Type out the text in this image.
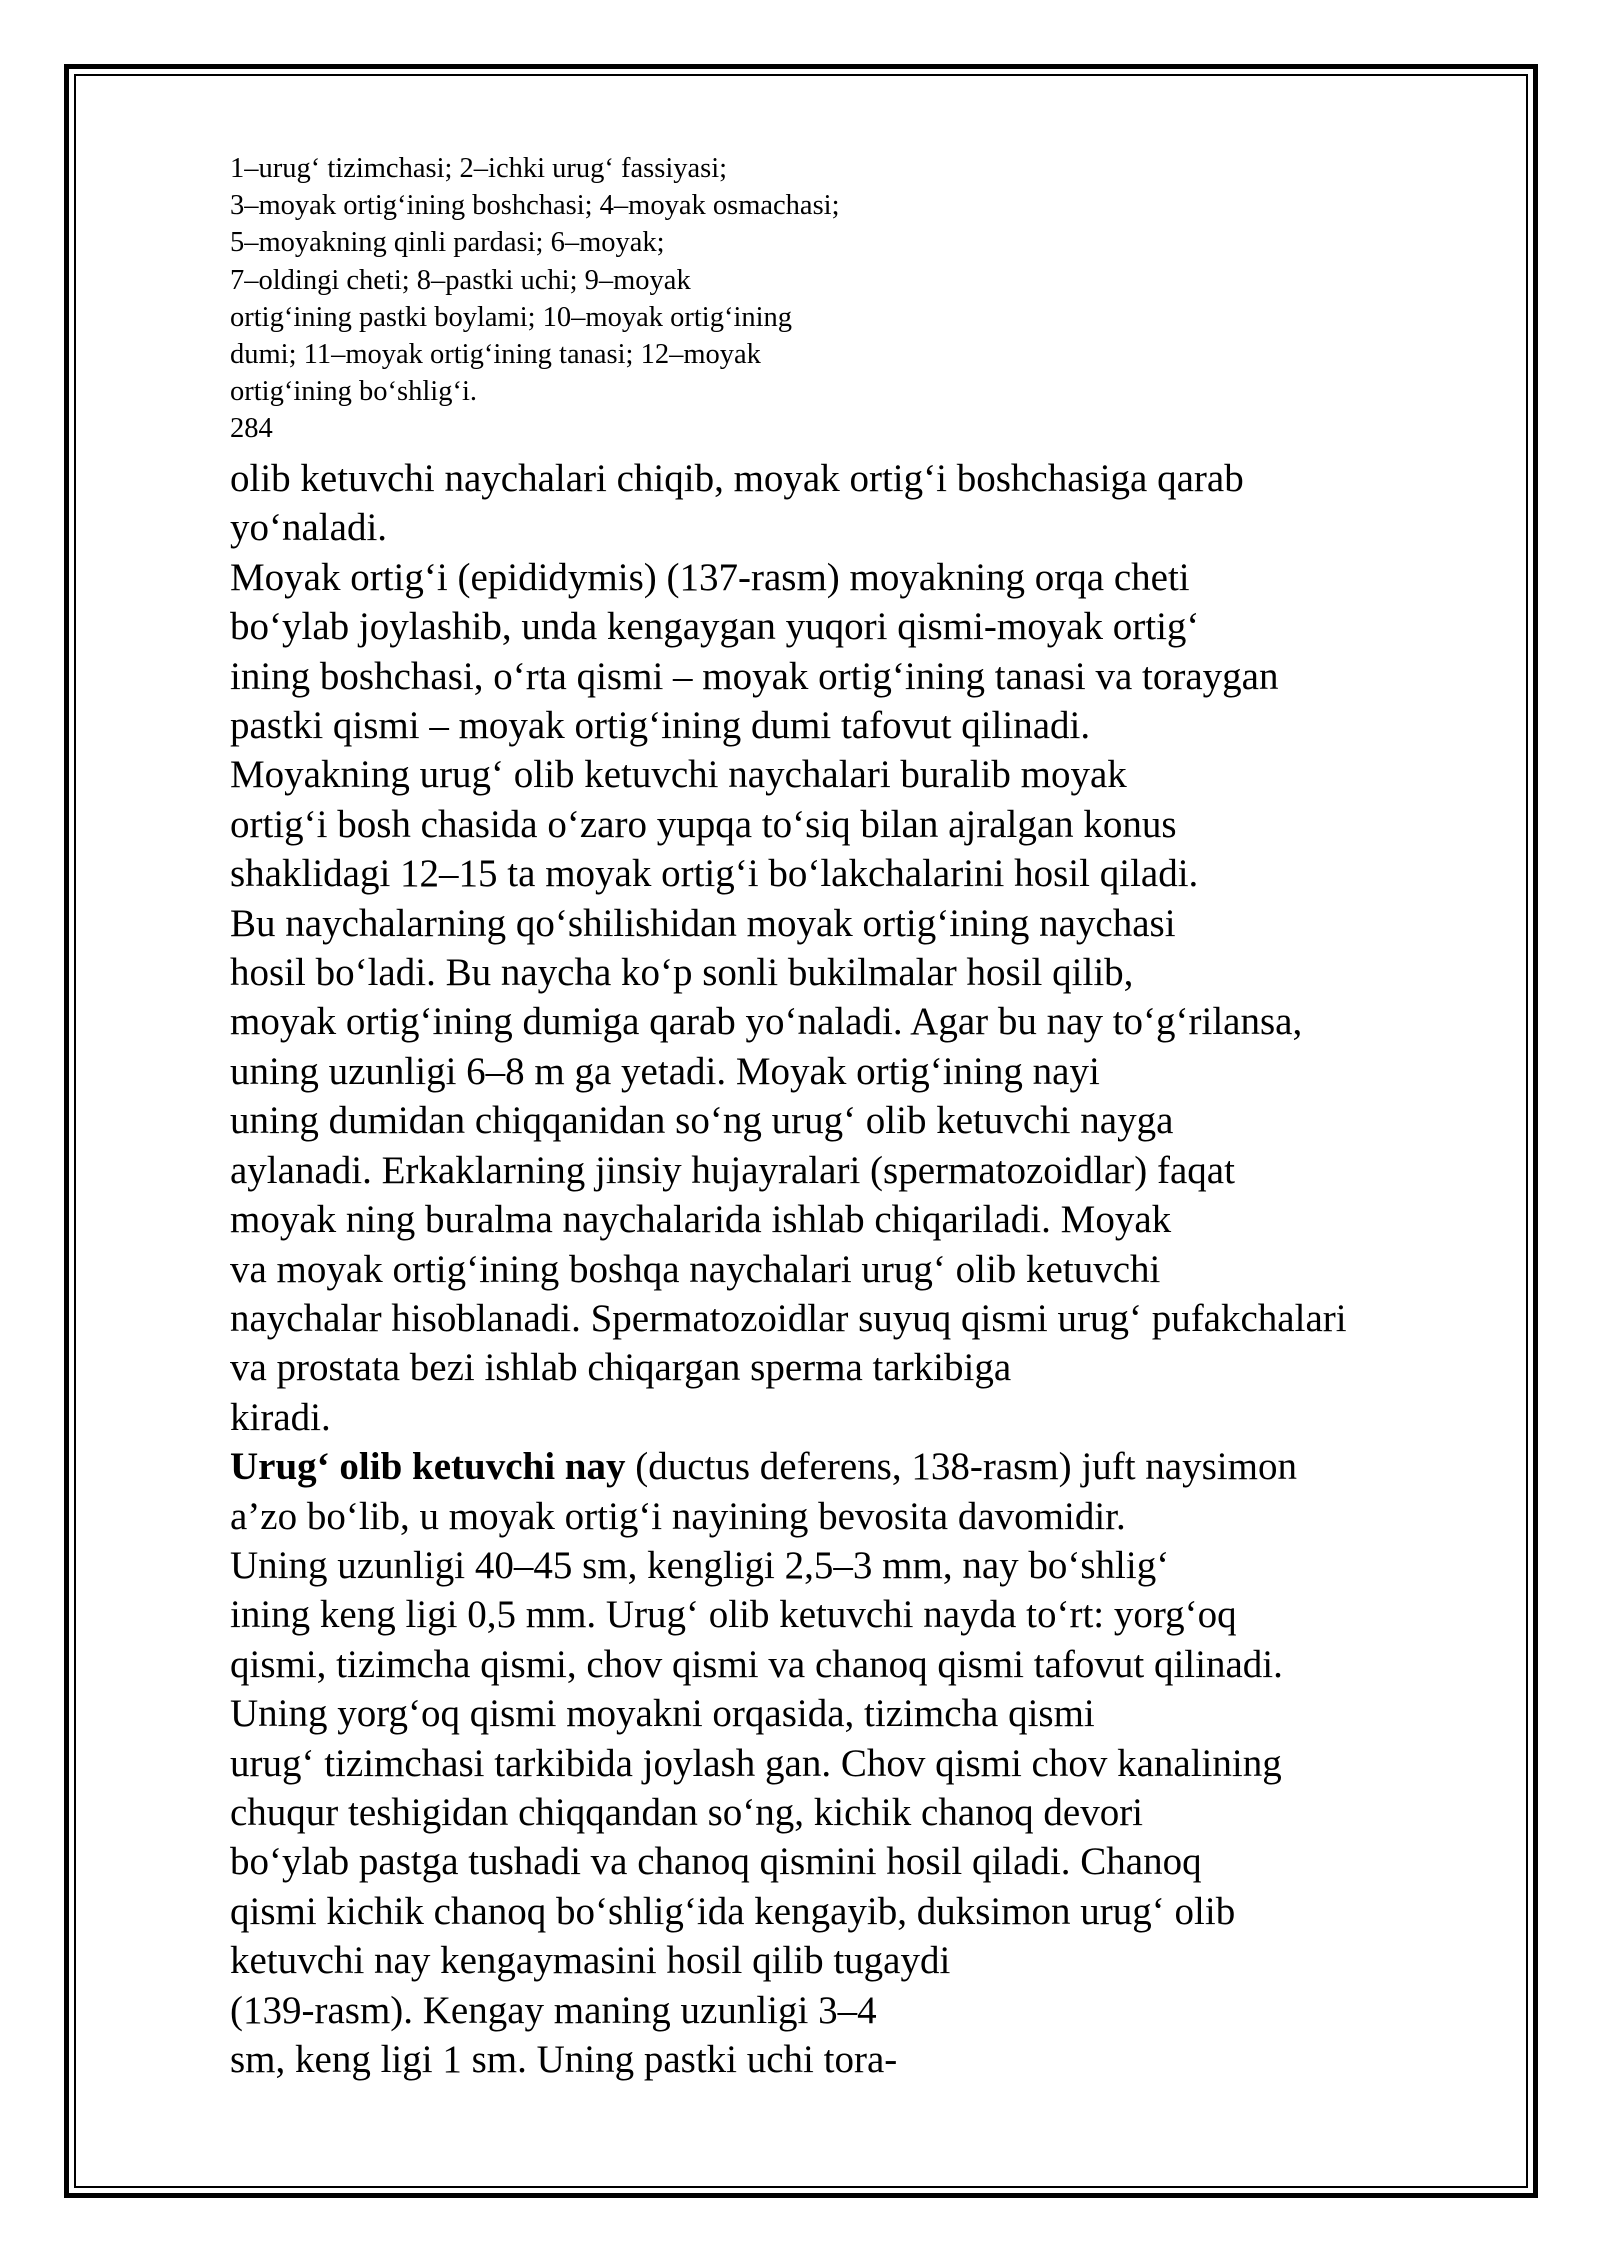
1–urug‘ tizimchasi; 2–ichki urug‘ fassiyasi;
3–moyak ortig‘ining boshchasi; 4–moyak osmachasi;
5–moyakning qinli pardasi; 6–moyak;
7–oldingi cheti; 8–pastki uchi; 9–moyak
ortig‘ining pastki boylami; 10–moyak ortig‘ining
dumi; 11–moyak ortig‘ining tanasi; 12–moyak
ortig‘ining bo‘shlig‘i.
284
olib ketuvchi naychalari chiqib, moyak ortig‘i boshchasiga qarab
yo‘naladi.
Moyak ortig‘i (epididymis) (137-rasm) moyakning orqa cheti
bo‘ylab joylashib, unda kengaygan yuqori qismi-moyak ortig‘
ining boshchasi, o‘rta qismi – moyak ortig‘ining tanasi va toraygan
pastki qismi – moyak ortig‘ining dumi tafovut qilinadi.
Moyakning urug‘ olib ketuvchi naychalari buralib moyak
ortig‘i bosh chasida o‘zaro yupqa to‘siq bilan ajralgan konus
shaklidagi 12–15 ta moyak ortig‘i bo‘lakchalarini hosil qiladi.
Bu naychalarning qo‘shilishidan moyak ortig‘ining naychasi
hosil bo‘ladi. Bu naycha ko‘p sonli bukilmalar hosil qilib,
moyak ortig‘ining dumiga qarab yo‘naladi. Agar bu nay to‘g‘rilansa,
uning uzunligi 6–8 m ga yetadi. Moyak ortig‘ining nayi
uning dumidan chiqqanidan so‘ng urug‘ olib ketuvchi nayga
aylanadi. Erkaklarning jinsiy hujayralari (spermatozoidlar) faqat
moyak ning buralma naychalarida ishlab chiqariladi. Moyak
va moyak ortig‘ining boshqa naychalari urug‘ olib ketuvchi
naychalar hisoblanadi. Spermatozoidlar suyuq qismi urug‘ pufakchalari
va prostata bezi ishlab chiqargan sperma tarkibiga
kiradi.
Urug‘ olib ketuvchi nay (ductus deferens, 138-rasm) juft naysimon
a’zo bo‘lib, u moyak ortig‘i nayining bevosita davomidir.
Uning uzunligi 40–45 sm, kengligi 2,5–3 mm, nay bo‘shlig‘
ining keng ligi 0,5 mm. Urug‘ olib ketuvchi nayda to‘rt: yorg‘oq
qismi, tizimcha qismi, chov qismi va chanoq qismi tafovut qilinadi.
Uning yorg‘oq qismi moyakni orqasida, tizimcha qismi
urug‘ tizimchasi tarkibida joylash gan. Chov qismi chov kanalining
chuqur teshigidan chiqqandan so‘ng, kichik chanoq devori
bo‘ylab pastga tushadi va chanoq qismini hosil qiladi. Chanoq
qismi kichik chanoq bo‘shlig‘ida kengayib, duksimon urug‘ olib
ketuvchi nay kengaymasini hosil qilib tugaydi
(139-rasm). Kengay maning uzunligi 3–4
sm, keng ligi 1 sm. Uning pastki uchi tora-
